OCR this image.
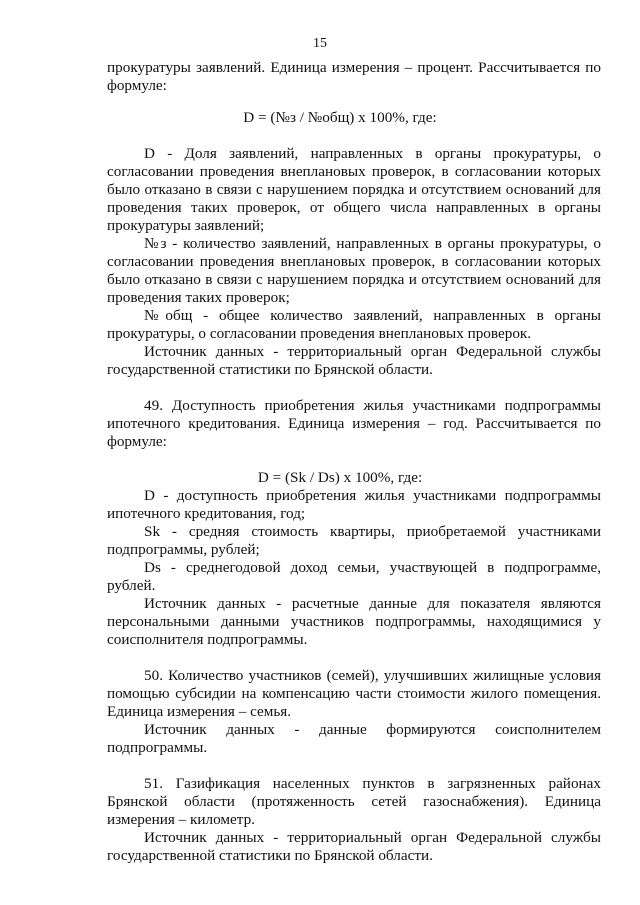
15
прокуратуры заявлений. Единица измерения – процент. Рассчитывается по
формуле:
D = (№з / №общ) х 100%, где:
D - Доля заявлений, направленных в органы прокуратуры, о
согласовании проведения внеплановых проверок, в согласовании которых
было отказано в связи с нарушением порядка и отсутствием оснований для
проведения таких проверок, от общего числа направленных в органы
прокуратуры заявлений;
№з - количество заявлений, направленных в органы прокуратуры, о
согласовании проведения внеплановых проверок, в согласовании которых
было отказано в связи с нарушением порядка и отсутствием оснований для
проведения таких проверок;
№общ - общее количество заявлений, направленных в органы
прокуратуры, о согласовании проведения внеплановых проверок.
Источник данных - территориальный орган Федеральной службы
государственной статистики по Брянской области.
49. Доступность приобретения жилья участниками подпрограммы
ипотечного кредитования. Единица измерения – год. Рассчитывается по
формуле:
D = (Sk / Ds) х 100%, где:
D - доступность приобретения жилья участниками подпрограммы
ипотечного кредитования, год;
Sk - средняя стоимость квартиры, приобретаемой участниками
подпрограммы, рублей;
Ds - среднегодовой доход семьи, участвующей в подпрограмме,
рублей.
Источник данных - расчетные данные для показателя являются
персональными данными участников подпрограммы, находящимися у
соисполнителя подпрограммы.
50. Количество участников (семей), улучшивших жилищные условия
помощью субсидии на компенсацию части стоимости жилого помещения.
Единица измерения – семья.
Источник данных - данные формируются соисполнителем
подпрограммы.
51. Газификация населенных пунктов в загрязненных районах
Брянской области (протяженность сетей газоснабжения). Единица
измерения – километр.
Источник данных - территориальный орган Федеральной службы
государственной статистики по Брянской области.
